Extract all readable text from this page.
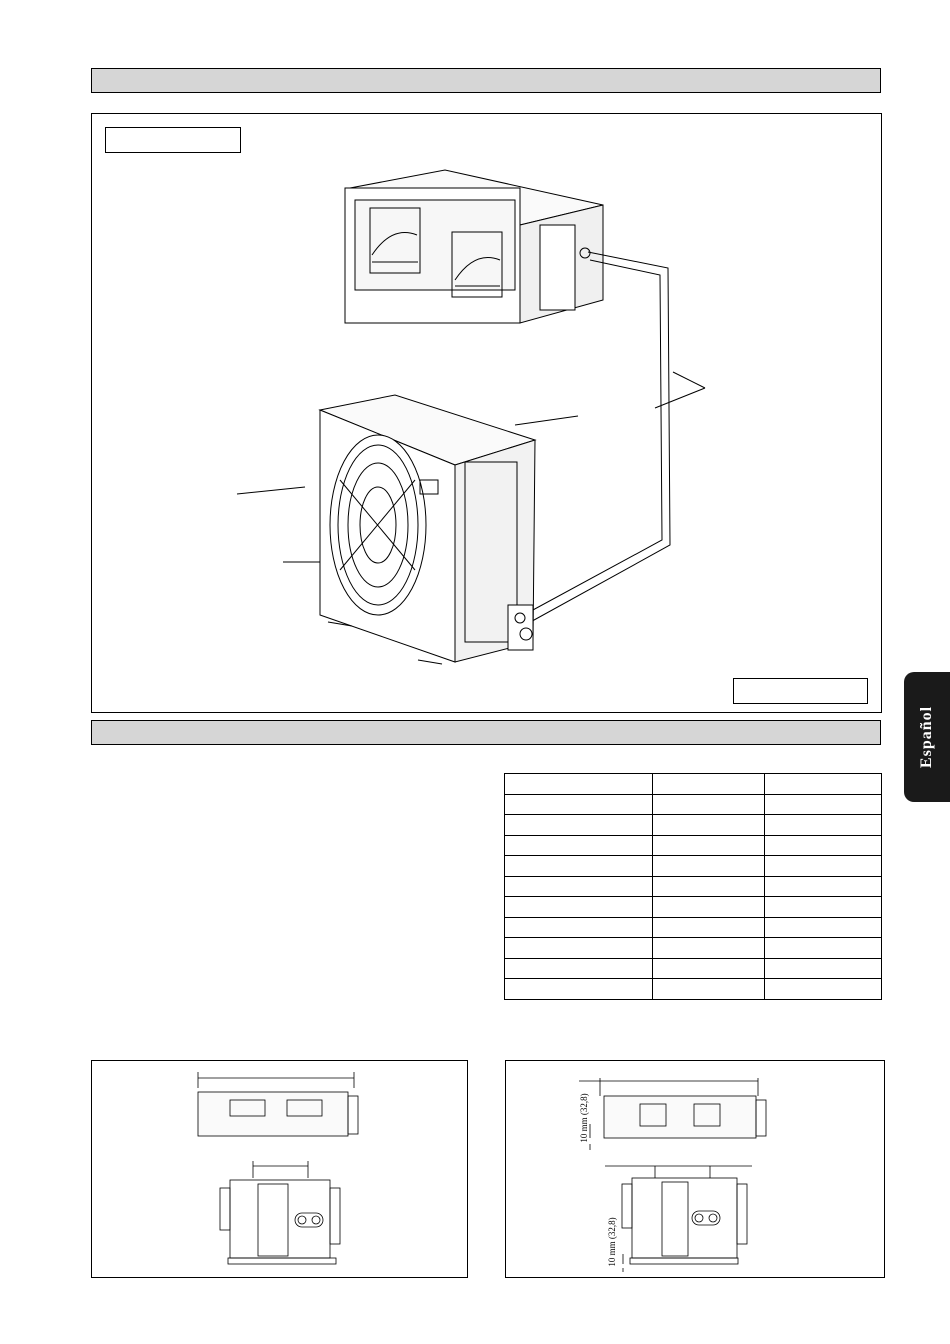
10 mm (32,8)
10 mm (32,8)
Español
